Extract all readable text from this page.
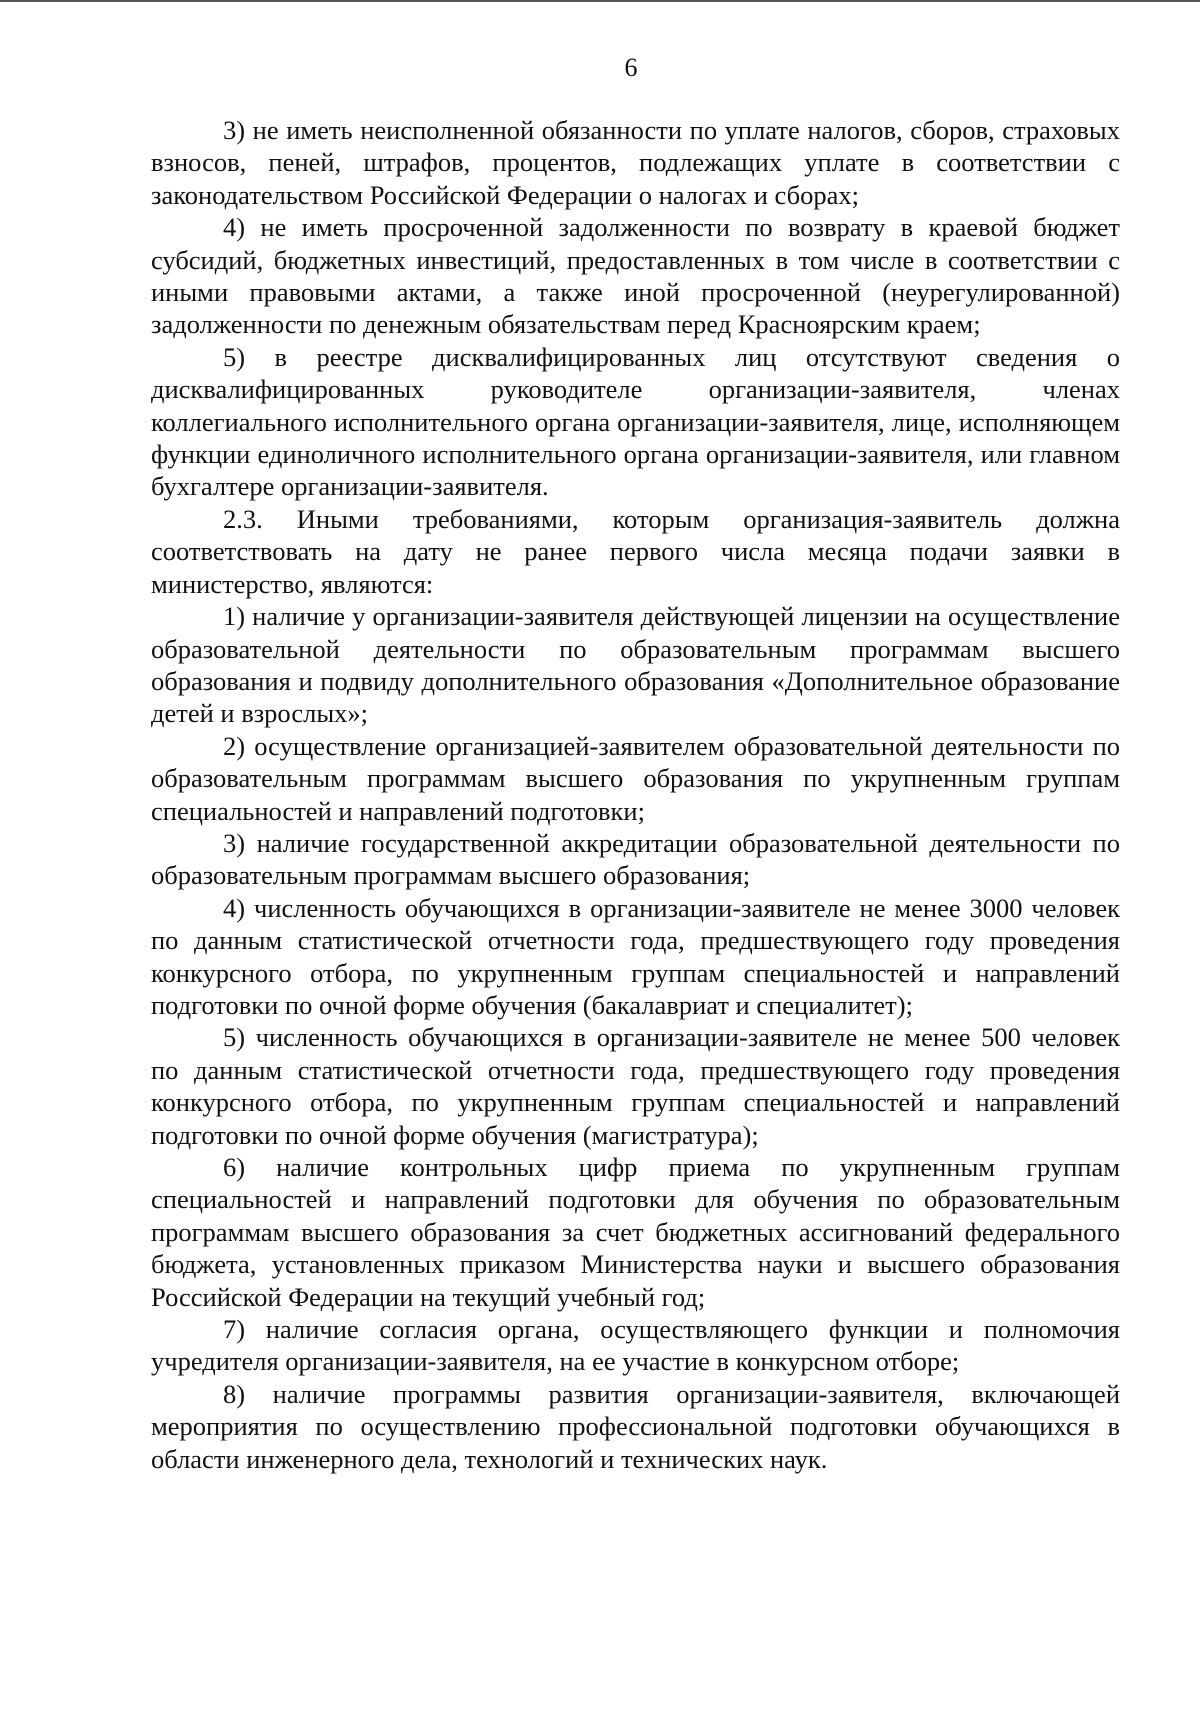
6

3) не иметь неисполненной обязанности по уплате налогов, сборов, страховых взносов, пеней, штрафов, процентов, подлежащих уплате в соответствии с законодательством Российской Федерации о налогах и сборах;

4) не иметь просроченной задолженности по возврату в краевой бюджет субсидий, бюджетных инвестиций, предоставленных в том числе в соответствии с иными правовыми актами, а также иной просроченной (неурегулированной) задолженности по денежным обязательствам перед Красноярским краем;

5) в реестре дисквалифицированных лиц отсутствуют сведения о дисквалифицированных руководителе организации-заявителя, членах коллегиального исполнительного органа организации-заявителя, лице, исполняющем функции единоличного исполнительного органа организации-заявителя, или главном бухгалтере организации-заявителя.

2.3. Иными требованиями, которым организация-заявитель должна соответствовать на дату не ранее первого числа месяца подачи заявки в министерство, являются:

1) наличие у организации-заявителя действующей лицензии на осуществление образовательной деятельности по образовательным программам высшего образования и подвиду дополнительного образования «Дополнительное образование детей и взрослых»;

2) осуществление организацией-заявителем образовательной деятельности по образовательным программам высшего образования по укрупненным группам специальностей и направлений подготовки;

3) наличие государственной аккредитации образовательной деятельности по образовательным программам высшего образования;

4) численность обучающихся в организации-заявителе не менее 3000 человек по данным статистической отчетности года, предшествующего году проведения конкурсного отбора, по укрупненным группам специальностей и направлений подготовки по очной форме обучения (бакалавриат и специалитет);

5) численность обучающихся в организации-заявителе не менее 500 человек по данным статистической отчетности года, предшествующего году проведения конкурсного отбора, по укрупненным группам специальностей и направлений подготовки по очной форме обучения (магистратура);

6) наличие контрольных цифр приема по укрупненным группам специальностей и направлений подготовки для обучения по образовательным программам высшего образования за счет бюджетных ассигнований федерального бюджета, установленных приказом Министерства науки и высшего образования Российской Федерации на текущий учебный год;

7) наличие согласия органа, осуществляющего функции и полномочия учредителя организации-заявителя, на ее участие в конкурсном отборе;

8) наличие программы развития организации-заявителя, включающей мероприятия по осуществлению профессиональной подготовки обучающихся в области инженерного дела, технологий и технических наук.
